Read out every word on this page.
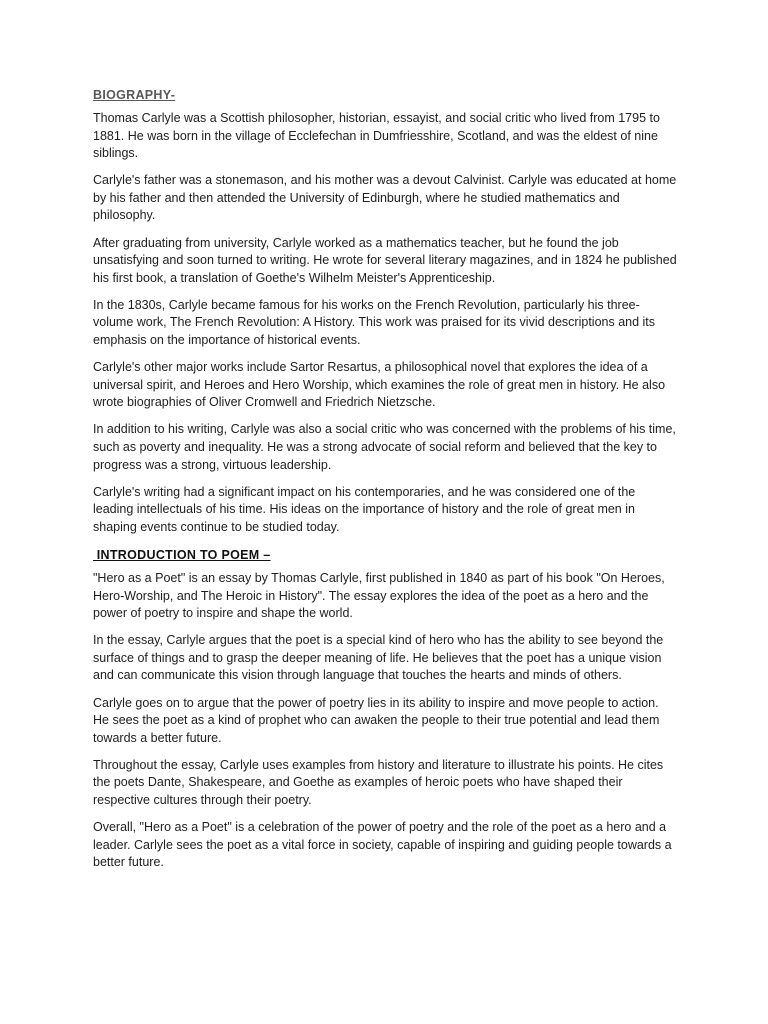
BIOGRAPHY-

Thomas Carlyle was a Scottish philosopher, historian, essayist, and social critic who lived from 1795 to 1881. He was born in the village of Ecclefechan in Dumfriesshire, Scotland, and was the eldest of nine siblings.

Carlyle's father was a stonemason, and his mother was a devout Calvinist. Carlyle was educated at home by his father and then attended the University of Edinburgh, where he studied mathematics and philosophy.

After graduating from university, Carlyle worked as a mathematics teacher, but he found the job unsatisfying and soon turned to writing. He wrote for several literary magazines, and in 1824 he published his first book, a translation of Goethe's Wilhelm Meister's Apprenticeship.

In the 1830s, Carlyle became famous for his works on the French Revolution, particularly his three-volume work, The French Revolution: A History. This work was praised for its vivid descriptions and its emphasis on the importance of historical events.

Carlyle's other major works include Sartor Resartus, a philosophical novel that explores the idea of a universal spirit, and Heroes and Hero Worship, which examines the role of great men in history. He also wrote biographies of Oliver Cromwell and Friedrich Nietzsche.

In addition to his writing, Carlyle was also a social critic who was concerned with the problems of his time, such as poverty and inequality. He was a strong advocate of social reform and believed that the key to progress was a strong, virtuous leadership.

Carlyle's writing had a significant impact on his contemporaries, and he was considered one of the leading intellectuals of his time. His ideas on the importance of history and the role of great men in shaping events continue to be studied today.

INTRODUCTION TO POEM –

"Hero as a Poet" is an essay by Thomas Carlyle, first published in 1840 as part of his book "On Heroes, Hero-Worship, and The Heroic in History". The essay explores the idea of the poet as a hero and the power of poetry to inspire and shape the world.

In the essay, Carlyle argues that the poet is a special kind of hero who has the ability to see beyond the surface of things and to grasp the deeper meaning of life. He believes that the poet has a unique vision and can communicate this vision through language that touches the hearts and minds of others.

Carlyle goes on to argue that the power of poetry lies in its ability to inspire and move people to action. He sees the poet as a kind of prophet who can awaken the people to their true potential and lead them towards a better future.

Throughout the essay, Carlyle uses examples from history and literature to illustrate his points. He cites the poets Dante, Shakespeare, and Goethe as examples of heroic poets who have shaped their respective cultures through their poetry.

Overall, "Hero as a Poet" is a celebration of the power of poetry and the role of the poet as a hero and a leader. Carlyle sees the poet as a vital force in society, capable of inspiring and guiding people towards a better future.
